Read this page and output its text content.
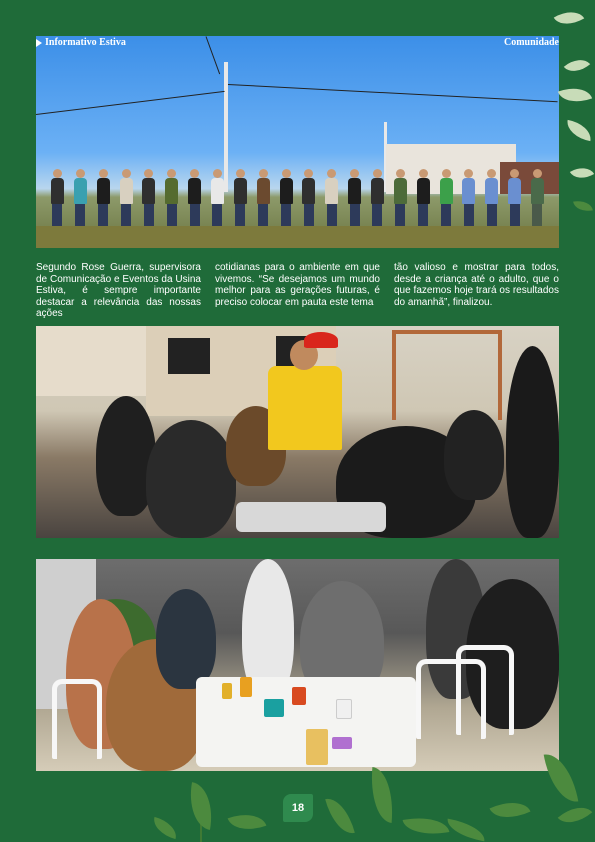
Informativo Estiva	Comunidade

Segundo Rose Guerra, supervisora de Comunicação e Eventos da Usina Estiva, é sempre importante destacar a relevância das nossas ações

cotidianas para o ambiente em que vivemos. “Se desejamos um mundo melhor para as gerações futuras, é preciso colocar em pauta este tema

tão valioso e mostrar para todos, desde a criança até o adulto, que o que fazemos hoje trará os resultados do amanhã”, finalizou.

18
